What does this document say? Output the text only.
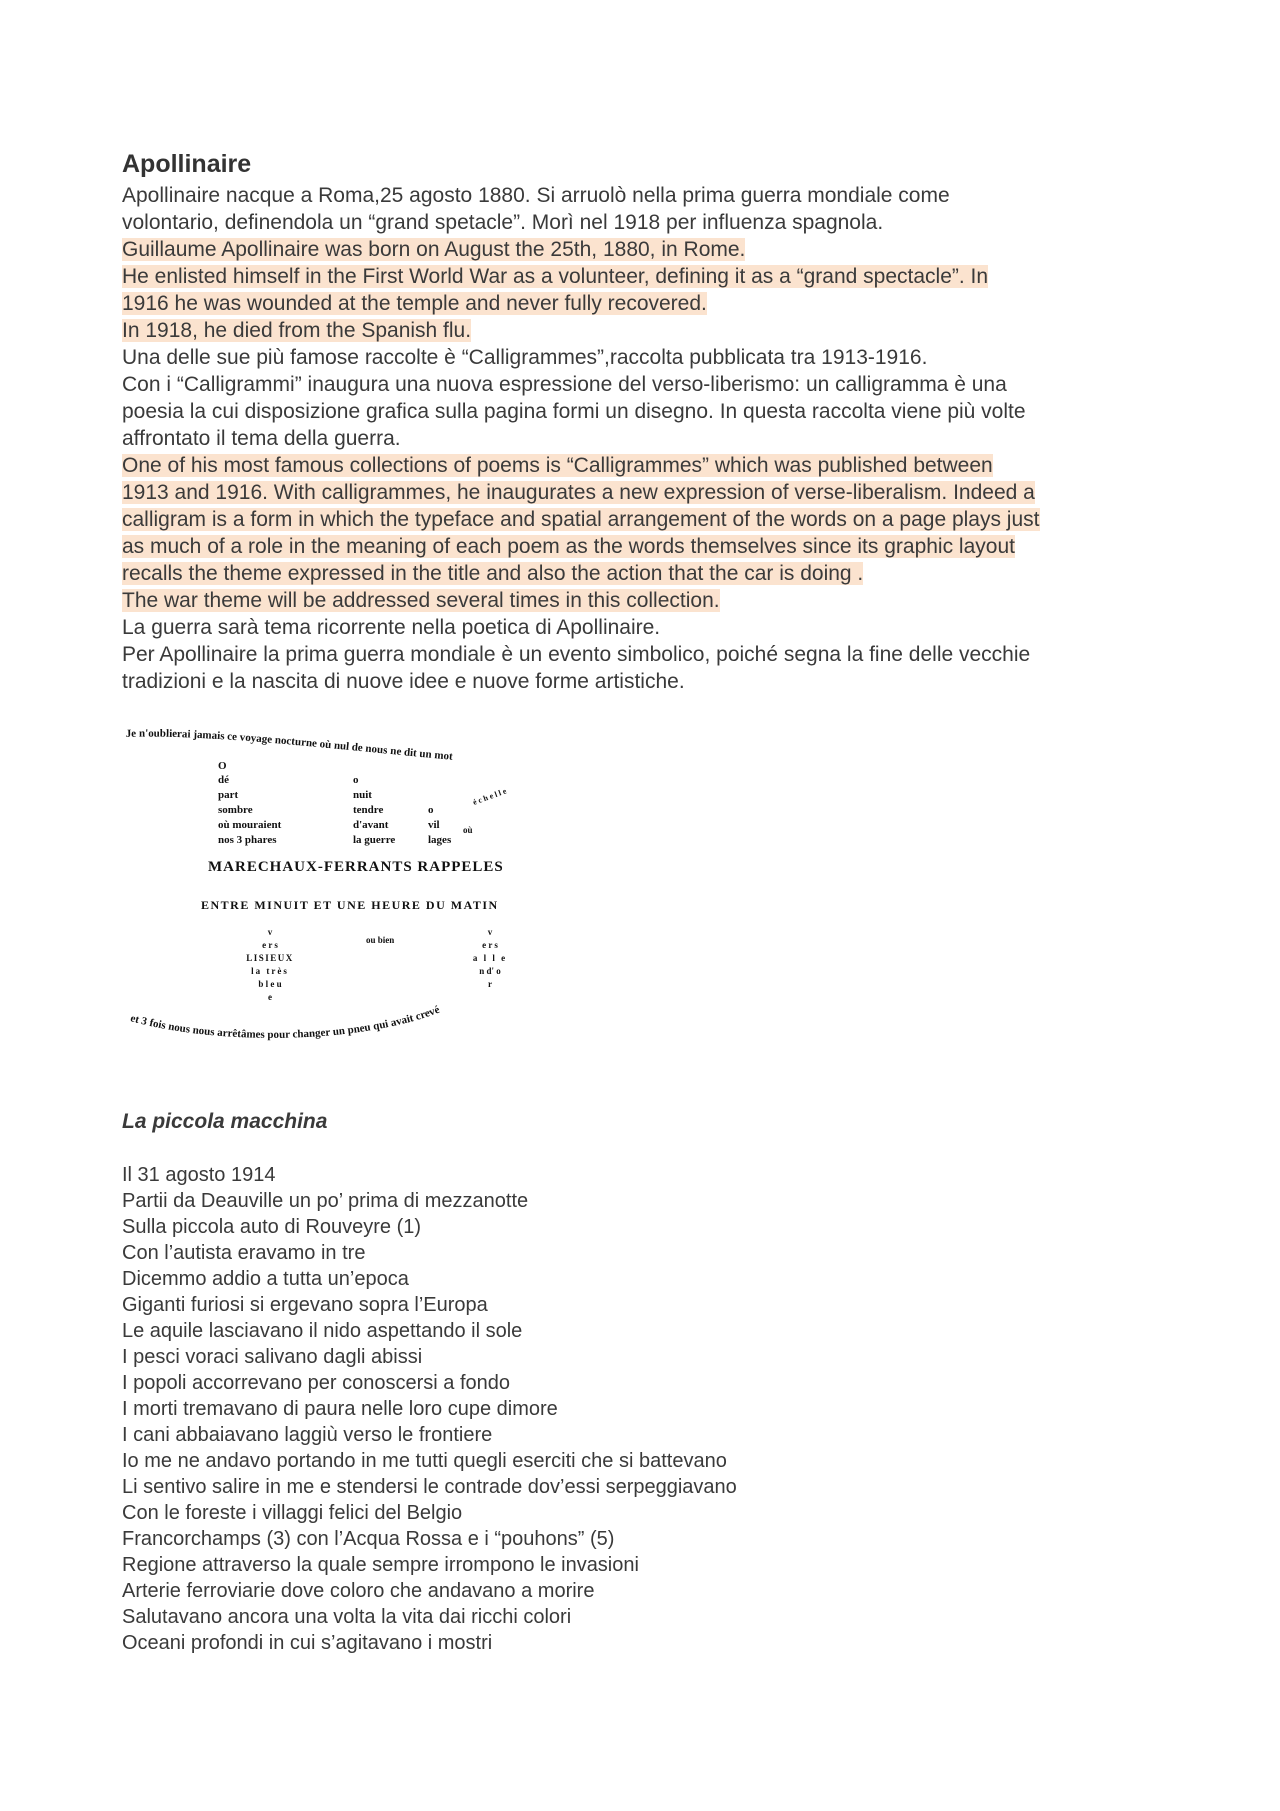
Apollinaire

Apollinaire nacque a Roma,25 agosto 1880. Si arruolò nella prima guerra mondiale come
volontario, definendola un “grand spetacle”. Morì nel 1918 per influenza spagnola.

Guillaume Apollinaire was born on August the 25th, 1880, in Rome.
He enlisted himself in the First World War as a volunteer, defining it as a “grand spectacle”. In
1916 he was wounded at the temple and never fully recovered.
In 1918, he died from the Spanish flu.

Una delle sue più famose raccolte è “Calligrammes”,raccolta pubblicata tra 1913-1916.
Con i “Calligrammi” inaugura una nuova espressione del verso-liberismo: un calligramma è una
poesia la cui disposizione grafica sulla pagina formi un disegno. In questa raccolta viene più volte
affrontato il tema della guerra.

One of his most famous collections of poems is “Calligrammes” which was published between
1913 and 1916. With calligrammes, he inaugurates a new expression of verse-liberalism. Indeed a
calligram is a form in which the typeface and spatial arrangement of the words on a page plays just
as much of a role in the meaning of each poem as the words themselves since its graphic layout
recalls the theme expressed in the title and also the action that the car is doing .
The war theme will be addressed several times in this collection.

La guerra sarà tema ricorrente nella poetica di Apollinaire.
Per Apollinaire la prima guerra mondiale è un evento simbolico, poiché segna la fine delle vecchie
tradizioni e la nascita di nuove idee e nuove forme artistiche.

Je n'oublierai jamais ce voyage nocturne où nul de nous ne dit un mot
O
dé
part
sombre
où mouraient
nos 3 phares
o
nuit
tendre
d'avant
la guerre
o
vil
lages
où
échelle
MARECHAUX-FERRANTS RAPPELES
ENTRE MINUIT ET UNE HEURE DU MATIN
ou bien
v
e r s
LISIEUX
la très
b l e u
e
v
e r s
a l l e
n d' o
r
et 3 fois nous nous arrêtâmes pour changer un pneu qui avait crevé
La piccola macchina
Il 31 agosto 1914
Partii da Deauville un po’ prima di mezzanotte
Sulla piccola auto di Rouveyre (1)
Con l’autista eravamo in tre
Dicemmo addio a tutta un’epoca
Giganti furiosi si ergevano sopra l’Europa
Le aquile lasciavano il nido aspettando il sole
I pesci voraci salivano dagli abissi
I popoli accorrevano per conoscersi a fondo
I morti tremavano di paura nelle loro cupe dimore
I cani abbaiavano laggiù verso le frontiere
Io me ne andavo portando in me tutti quegli eserciti che si battevano
Li sentivo salire in me e stendersi le contrade dov’essi serpeggiavano
Con le foreste i villaggi felici del Belgio
Francorchamps (3) con l’Acqua Rossa e i “pouhons” (5)
Regione attraverso la quale sempre irrompono le invasioni
Arterie ferroviarie dove coloro che andavano a morire
Salutavano ancora una volta la vita dai ricchi colori
Oceani profondi in cui s’agitavano i mostri
